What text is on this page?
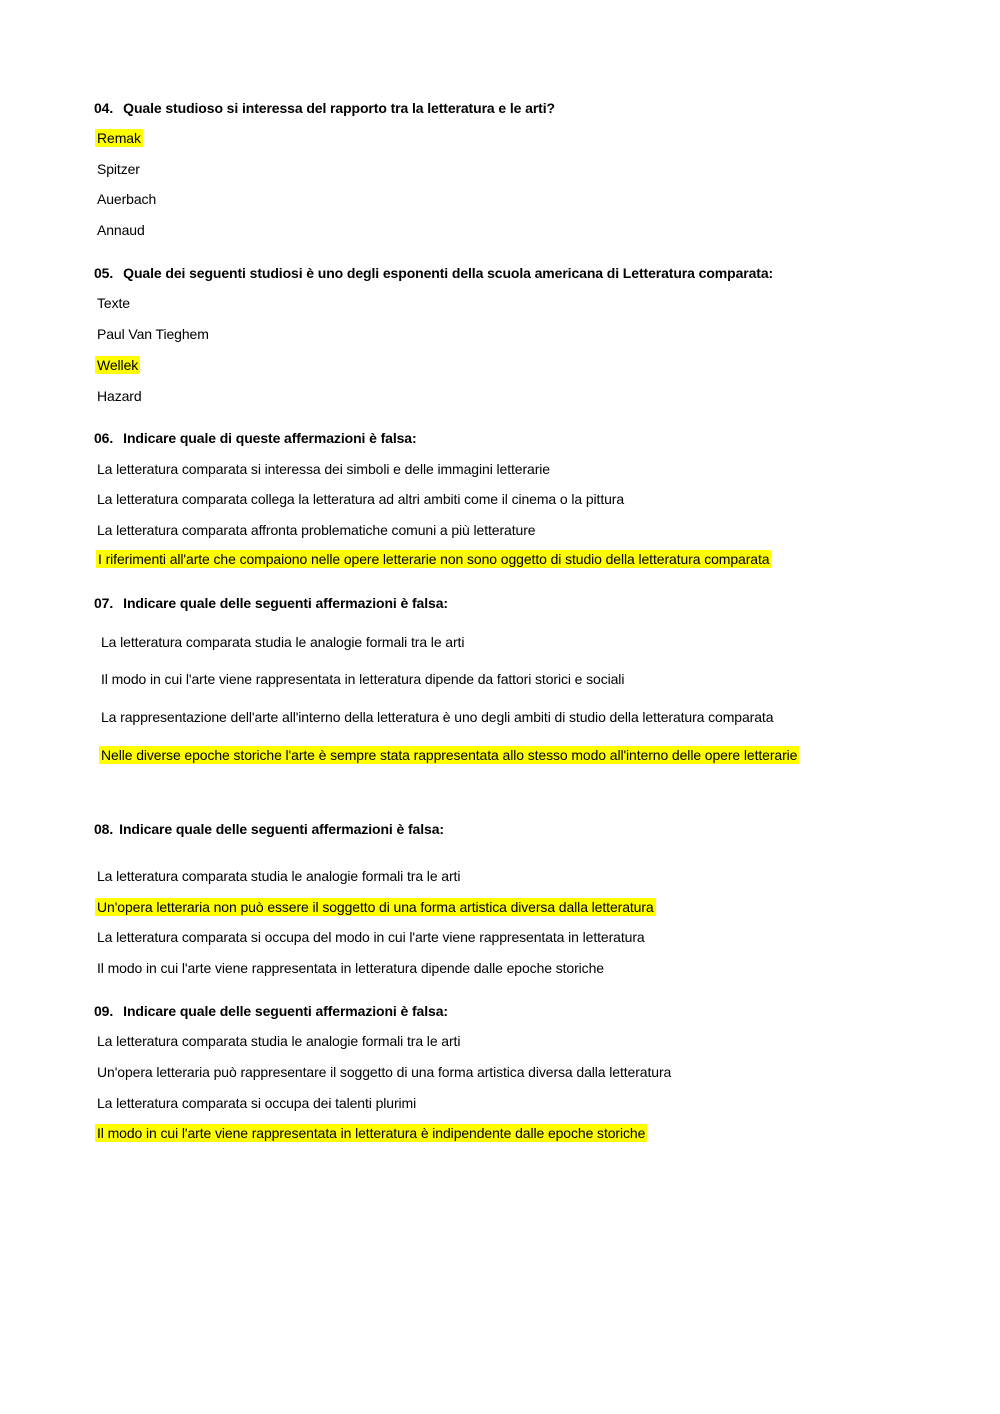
04. Quale studioso si interessa del rapporto tra la letteratura e le arti?
Remak
Spitzer
Auerbach
Annaud
05. Quale dei seguenti studiosi è uno degli esponenti della scuola americana di Letteratura comparata:
Texte
Paul Van Tieghem
Wellek
Hazard
06. Indicare quale di queste affermazioni è falsa:
La letteratura comparata si interessa dei simboli e delle immagini letterarie
La letteratura comparata collega la letteratura ad altri ambiti come il cinema o la pittura
La letteratura comparata affronta problematiche comuni a più letterature
I riferimenti all'arte che compaiono nelle opere letterarie non sono oggetto di studio della letteratura comparata
07. Indicare quale delle seguenti affermazioni è falsa:
La letteratura comparata studia le analogie formali tra le arti
Il modo in cui l'arte viene rappresentata in letteratura dipende da fattori storici e sociali
La rappresentazione dell'arte all'interno della letteratura è uno degli ambiti di studio della letteratura comparata
Nelle diverse epoche storiche l'arte è sempre stata rappresentata allo stesso modo all'interno delle opere letterarie
08. Indicare quale delle seguenti affermazioni è falsa:
La letteratura comparata studia le analogie formali tra le arti
Un'opera letteraria non può essere il soggetto di una forma artistica diversa dalla letteratura
La letteratura comparata si occupa del modo in cui l'arte viene rappresentata in letteratura
Il modo in cui l'arte viene rappresentata in letteratura dipende dalle epoche storiche
09. Indicare quale delle seguenti affermazioni è falsa:
La letteratura comparata studia le analogie formali tra le arti
Un'opera letteraria può rappresentare il soggetto di una forma artistica diversa dalla letteratura
La letteratura comparata si occupa dei talenti plurimi
Il modo in cui l'arte viene rappresentata in letteratura è indipendente dalle epoche storiche
